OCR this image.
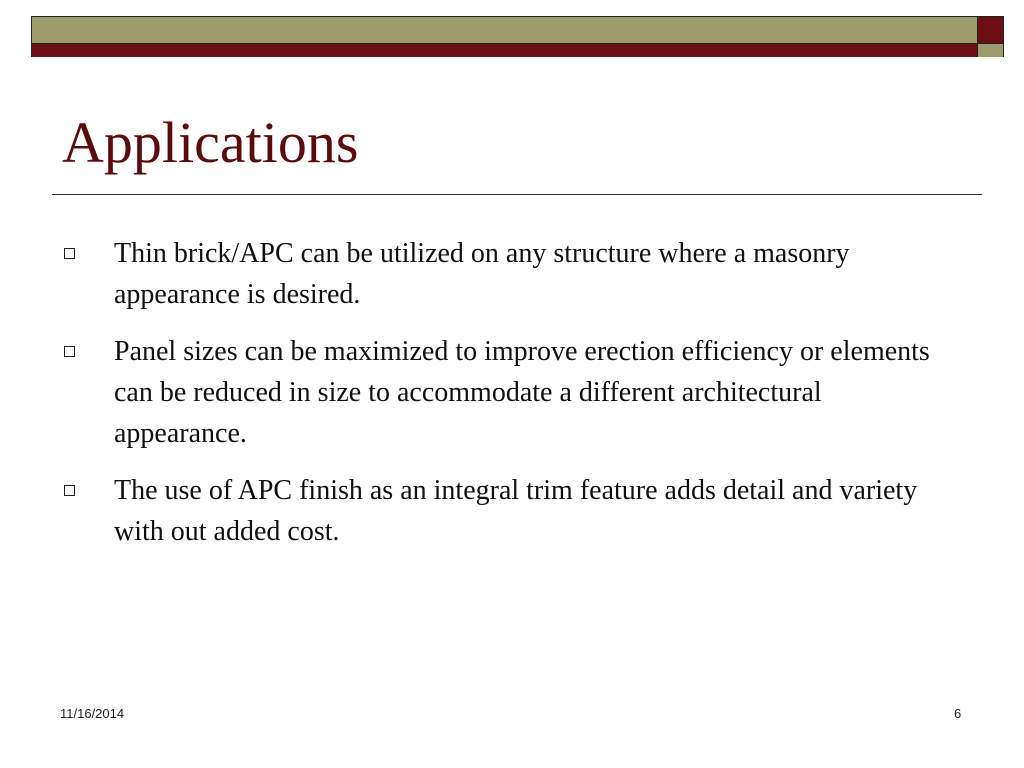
Applications
Thin brick/APC can be utilized on any structure where a masonry appearance is desired.
Panel sizes can be maximized to improve erection efficiency or elements can be reduced in size to accommodate a different architectural appearance.
The use of APC finish as an integral trim feature adds detail and variety with out added cost.
11/16/2014	6
